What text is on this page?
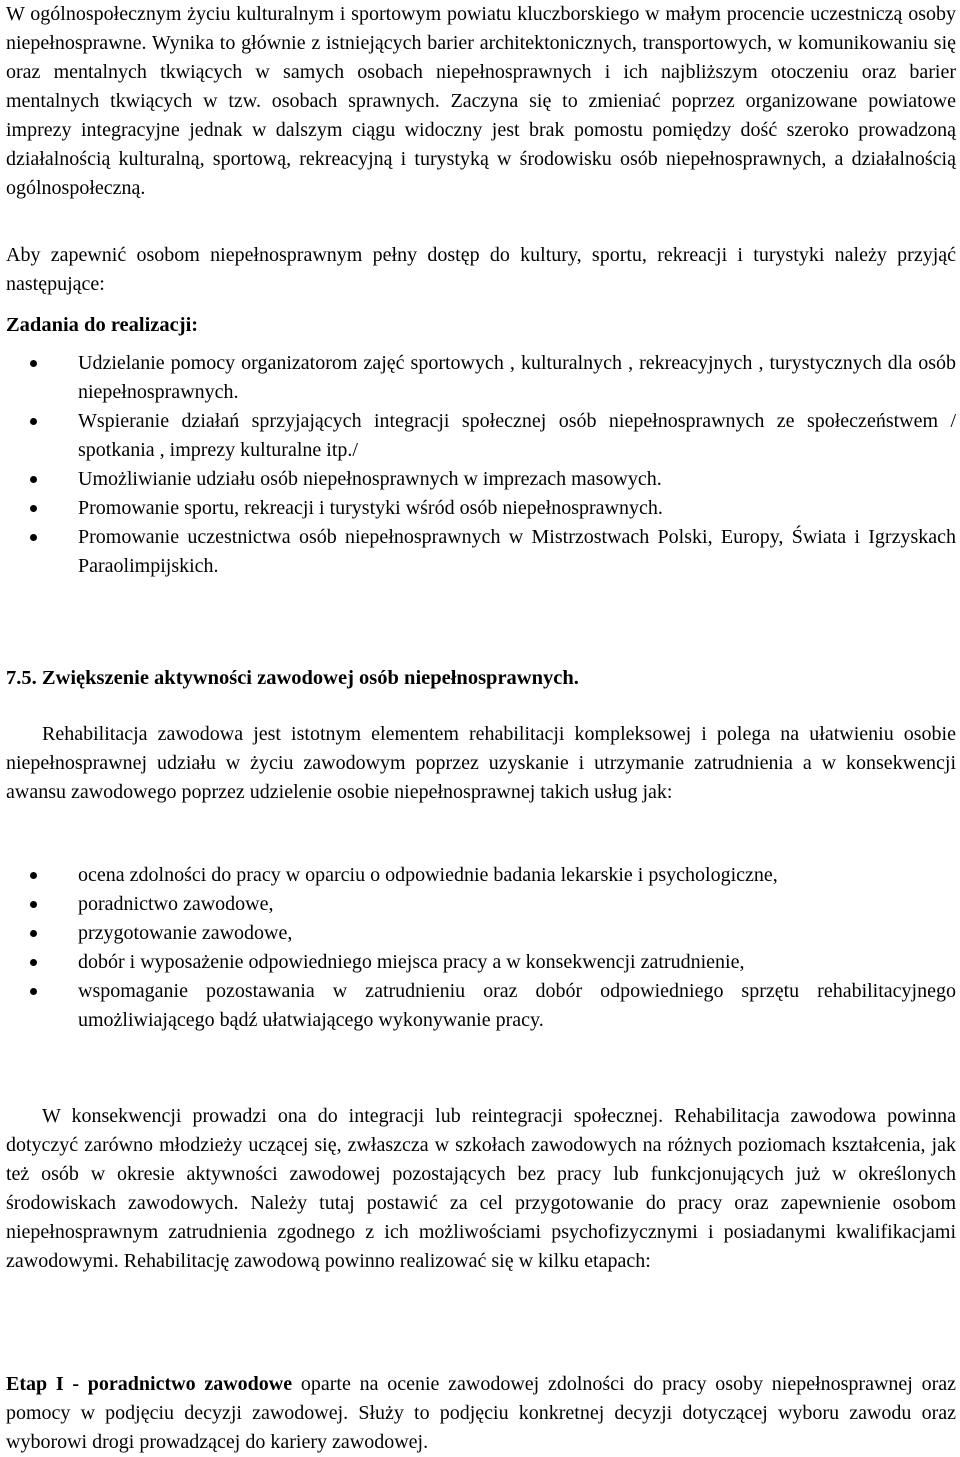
W ogólnospołecznym życiu kulturalnym i sportowym powiatu kluczborskiego w małym procencie uczestniczą osoby niepełnosprawne. Wynika to głównie z istniejących barier architektonicznych, transportowych, w komunikowaniu się oraz mentalnych tkwiących w samych osobach niepełnosprawnych i ich najbliższym otoczeniu oraz barier mentalnych tkwiących w tzw. osobach sprawnych. Zaczyna się to zmieniać poprzez organizowane powiatowe imprezy integracyjne jednak w dalszym ciągu widoczny jest brak pomostu pomiędzy dość szeroko prowadzoną działalnością kulturalną, sportową, rekreacyjną i turystyką w środowisku osób niepełnosprawnych, a działalnością ogólnospołeczną.

Aby zapewnić osobom niepełnosprawnym pełny dostęp do kultury, sportu, rekreacji i turystyki należy przyjąć następujące:

Zadania do realizacji:

Udzielanie pomocy organizatorom zajęć sportowych , kulturalnych , rekreacyjnych , turystycznych dla osób niepełnosprawnych.
Wspieranie działań sprzyjających integracji społecznej osób niepełnosprawnych ze społeczeństwem / spotkania , imprezy kulturalne itp./
Umożliwianie udziału osób niepełnosprawnych w imprezach masowych.
Promowanie sportu, rekreacji i turystyki wśród osób niepełnosprawnych.
Promowanie uczestnictwa osób niepełnosprawnych w Mistrzostwach Polski, Europy, Świata i Igrzyskach Paraolimpijskich.

7.5. Zwiększenie aktywności zawodowej osób niepełnosprawnych.

Rehabilitacja zawodowa jest istotnym elementem rehabilitacji kompleksowej i polega na ułatwieniu osobie niepełnosprawnej udziału w życiu zawodowym poprzez uzyskanie i utrzymanie zatrudnienia a w konsekwencji awansu zawodowego poprzez udzielenie osobie niepełnosprawnej takich usług jak:

ocena zdolności do pracy w oparciu o odpowiednie badania lekarskie i psychologiczne,
poradnictwo zawodowe,
przygotowanie zawodowe,
dobór i wyposażenie odpowiedniego miejsca pracy a w konsekwencji zatrudnienie,
wspomaganie pozostawania w zatrudnieniu oraz dobór odpowiedniego sprzętu rehabilitacyjnego umożliwiającego bądź ułatwiającego wykonywanie pracy.

W konsekwencji prowadzi ona do integracji lub reintegracji społecznej. Rehabilitacja zawodowa powinna dotyczyć zarówno młodzieży uczącej się, zwłaszcza w szkołach zawodowych na różnych poziomach kształcenia, jak też osób w okresie aktywności zawodowej pozostających bez pracy lub funkcjonujących już w określonych środowiskach zawodowych. Należy tutaj postawić za cel przygotowanie do pracy oraz zapewnienie osobom niepełnosprawnym zatrudnienia zgodnego z ich możliwościami psychofizycznymi i posiadanymi kwalifikacjami zawodowymi. Rehabilitację zawodową powinno realizować się w kilku etapach:

Etap I - poradnictwo zawodowe oparte na ocenie zawodowej zdolności do pracy osoby niepełnosprawnej oraz pomocy w podjęciu decyzji zawodowej. Służy to podjęciu konkretnej decyzji dotyczącej wyboru zawodu oraz wyborowi drogi prowadzącej do kariery zawodowej.
